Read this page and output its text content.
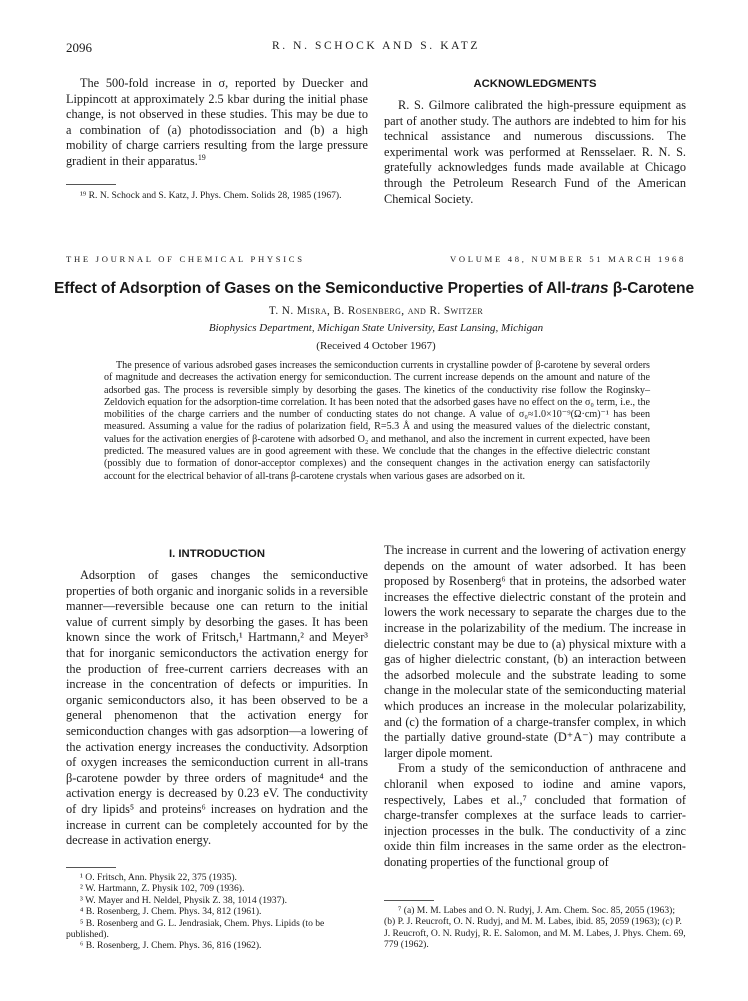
2096	R. N. SCHOCK AND S. KATZ

The 500-fold increase in σ, reported by Duecker and Lippincott at approximately 2.5 kbar during the initial phase change, is not observed in these studies. This may be due to a combination of (a) photodissociation and (b) a high mobility of charge carriers resulting from the large pressure gradient in their apparatus.$^{19}$

¹⁹ R. N. Schock and S. Katz, J. Phys. Chem. Solids 28, 1985 (1967).

ACKNOWLEDGMENTS

R. S. Gilmore calibrated the high-pressure equipment as part of another study. The authors are indebted to him for his technical assistance and numerous discussions. The experimental work was performed at Rensselaer. R. N. S. gratefully acknowledges funds made available at Chicago through the Petroleum Research Fund of the American Chemical Society.

THE JOURNAL OF CHEMICAL PHYSICS	VOLUME 48, NUMBER 5 1 MARCH 1968
Effect of Adsorption of Gases on the Semiconductive Properties of All-trans β-Carotene
T. N. Misra, B. Rosenberg, and R. Switzer
Biophysics Department, Michigan State University, East Lansing, Michigan
(Received 4 October 1967)
The presence of various adsrobed gases increases the semiconduction currents in crystalline powder of β-carotene by several orders of magnitude and decreases the activation energy for semiconduction. The current increase depends on the amount and nature of the adsorbed gas. The process is reversible simply by desorbing the gases. The kinetics of the conductivity rise follow the Roginsky–Zeldovich equation for the adsorption-time correlation. It has been noted that the adsorbed gases have no effect on the σ₀ term, i.e., the mobilities of the charge carriers and the number of conducting states do not change. A value of σ₀≈1.0×10⁻⁹(Ω·cm)⁻¹ has been measured. Assuming a value for the radius of polarization field, R=5.3 Å and using the measured values of the dielectric constant, values for the activation energies of β-carotene with adsorbed O₂ and methanol, and also the increment in current expected, have been predicted. The measured values are in good agreement with these. We conclude that the changes in the effective dielectric constant (possibly due to formation of donor-acceptor complexes) and the consequent changes in the activation energy can satisfactorily account for the electrical behavior of all-trans β-carotene crystals when various gases are adsorbed on it.
I. INTRODUCTION

Adsorption of gases changes the semiconductive properties of both organic and inorganic solids in a reversible manner—reversible because one can return to the initial value of current simply by desorbing the gases. It has been known since the work of Fritsch,¹ Hartmann,² and Meyer³ that for inorganic semiconductors the activation energy for the production of free-current carriers decreases with an increase in the concentration of defects or impurities. In organic semiconductors also, it has been observed to be a general phenomenon that the activation energy for semiconduction changes with gas adsorption—a lowering of the activation energy increases the conductivity. Adsorption of oxygen increases the semiconduction current in all-trans β-carotene powder by three orders of magnitude⁴ and the activation energy is decreased by 0.23 eV. The conductivity of dry lipids⁵ and proteins⁶ increases on hydration and the increase in current can be completely accounted for by the decrease in activation energy.

¹ O. Fritsch, Ann. Physik 22, 375 (1935).

² W. Hartmann, Z. Physik 102, 709 (1936).

³ W. Mayer and H. Neldel, Physik Z. 38, 1014 (1937).

⁴ B. Rosenberg, J. Chem. Phys. 34, 812 (1961).

⁵ B. Rosenberg and G. L. Jendrasiak, Chem. Phys. Lipids (to be published).

⁶ B. Rosenberg, J. Chem. Phys. 36, 816 (1962).

The increase in current and the lowering of activation energy depends on the amount of water adsorbed. It has been proposed by Rosenberg⁶ that in proteins, the adsorbed water increases the effective dielectric constant of the protein and lowers the work necessary to separate the charges due to the increase in the polarizability of the medium. The increase in dielectric constant may be due to (a) physical mixture with a gas of higher dielectric constant, (b) an interaction between the adsorbed molecule and the substrate leading to some change in the molecular state of the semiconducting material which produces an increase in the molecular polarizability, and (c) the formation of a charge-transfer complex, in which the partially dative ground-state (D⁺A⁻) may contribute a larger dipole moment.

From a study of the semiconduction of anthracene and chloranil when exposed to iodine and amine vapors, respectively, Labes et al.,⁷ concluded that formation of charge-transfer complexes at the surface leads to carrier-injection processes in the bulk. The conductivity of a zinc oxide thin film increases in the same order as the electron-donating properties of the functional group of

⁷ (a) M. M. Labes and O. N. Rudyj, J. Am. Chem. Soc. 85, 2055 (1963); (b) P. J. Reucroft, O. N. Rudyj, and M. M. Labes, ibid. 85, 2059 (1963); (c) P. J. Reucroft, O. N. Rudyj, R. E. Salomon, and M. M. Labes, J. Phys. Chem. 69, 779 (1962).
